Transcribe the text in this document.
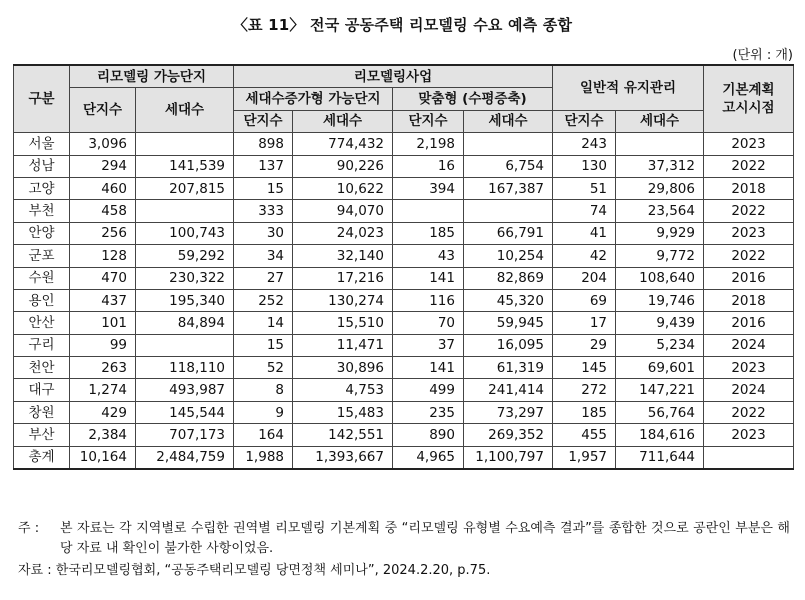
〈표 11〉 전국 공동주택 리모델링 수요 예측 종합
(단위 : 개)
구분	리모델링 가능단지		리모델링사업				일반적 유지관리		기본계획 고시시점
	단지수	세대수	세대수증가형 가능단지		맞춤형 (수평증축)				
			단지수	세대수	단지수	세대수	단지수	세대수	
서울	3,096		898	774,432	2,198		243		2023
성남	294	141,539	137	90,226	16	6,754	130	37,312	2022
고양	460	207,815	15	10,622	394	167,387	51	29,806	2018
부천	458		333	94,070			74	23,564	2022
안양	256	100,743	30	24,023	185	66,791	41	9,929	2023
군포	128	59,292	34	32,140	43	10,254	42	9,772	2022
수원	470	230,322	27	17,216	141	82,869	204	108,640	2016
용인	437	195,340	252	130,274	116	45,320	69	19,746	2018
안산	101	84,894	14	15,510	70	59,945	17	9,439	2016
구리	99		15	11,471	37	16,095	29	5,234	2024
천안	263	118,110	52	30,896	141	61,319	145	69,601	2023
대구	1,274	493,987	8	4,753	499	241,414	272	147,221	2024
창원	429	145,544	9	15,483	235	73,297	185	56,764	2022
부산	2,384	707,173	164	142,551	890	269,352	455	184,616	2023
총계	10,164	2,484,759	1,988	1,393,667	4,965	1,100,797	1,957	711,644	
주 :	본 자료는 각 지역별로 수립한 권역별 리모델링 기본계획 중 “리모델링 유형별 수요예측 결과”를 종합한 것으로 공란인 부분은 해당 자료 내 확인이 불가한 사항이었음.
자료 : 한국리모델링협회, “공동주택리모델링 당면정책 세미나”, 2024.2.20, p.75.
